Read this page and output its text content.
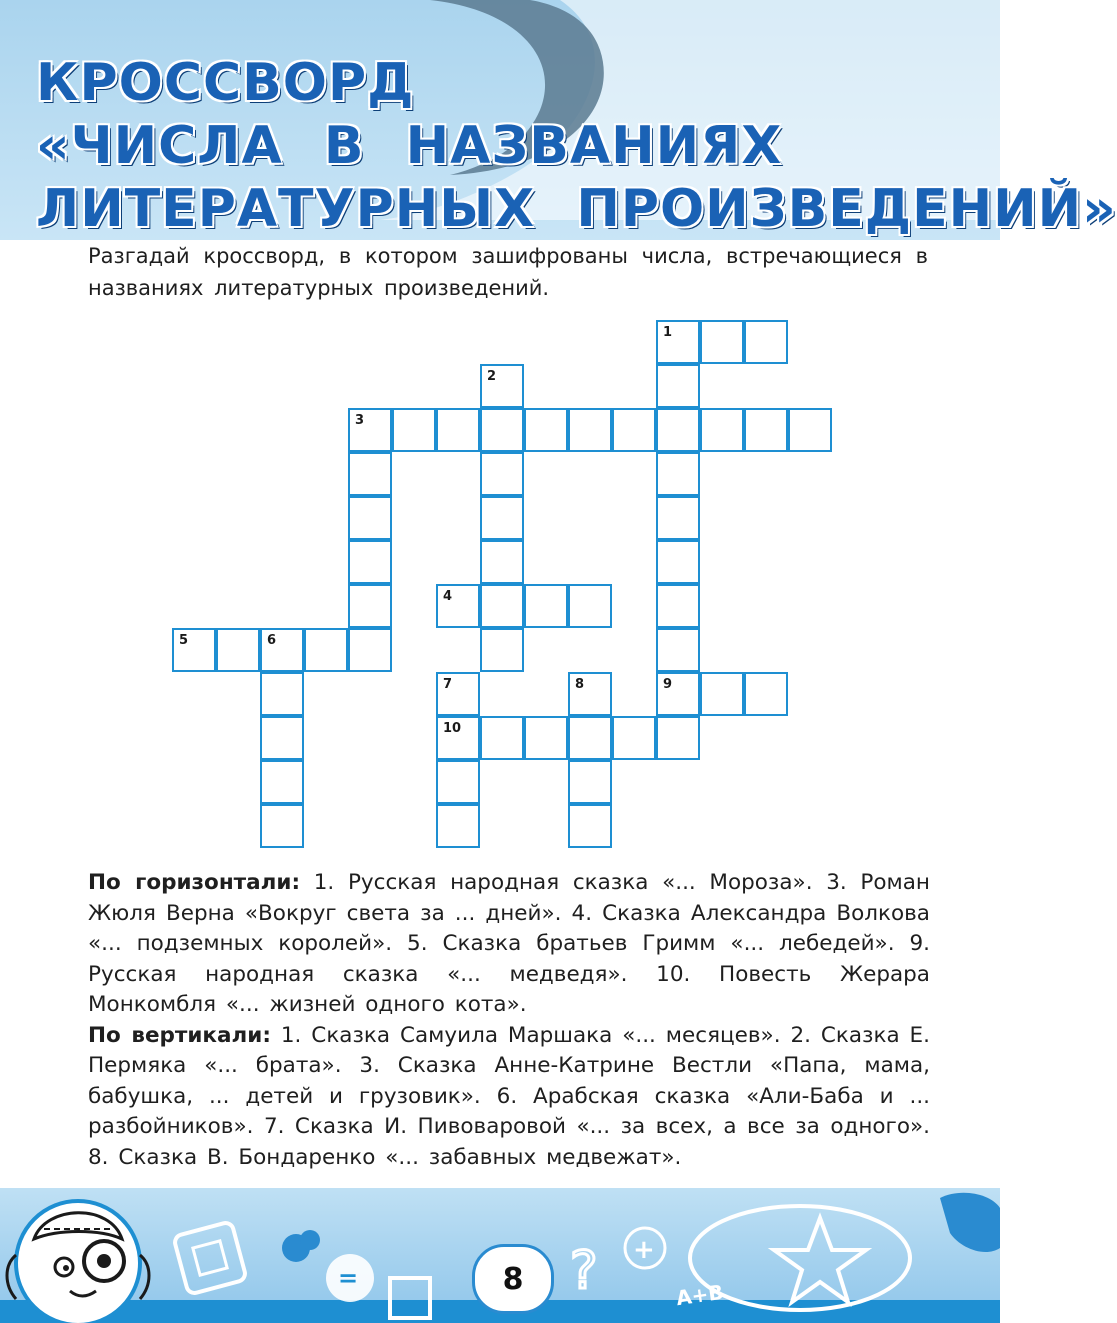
КРОССВОРД
«ЧИСЛА В НАЗВАНИЯХ
ЛИТЕРАТУРНЫХ ПРОИЗВЕДЕНИЙ»

Разгадай кроссворд, в котором зашифрованы числа, встречающиеся в названиях литературных произведений.

1
3
4
5	6
9
10
2
7	8

По горизонтали: 1. Русская народная сказка «... Мороза». 3. Роман Жюля Верна «Вокруг света за ... дней». 4. Сказка Александра Волкова «... подземных королей». 5. Сказка братьев Гримм «... лебедей». 9. Русская народная сказка «... медведя». 10. Повесть Жерара Монкомбля «... жизней одного кота».

По вертикали: 1. Сказка Самуила Маршака «... месяцев». 2. Сказка Е. Пермяка «... брата». 3. Сказка Анне-Катрине Вестли «Папа, мама, бабушка, ... детей и грузовик». 6. Арабская сказка «Али-Баба и ... разбойников». 7. Сказка И. Пивоваровой «... за всех, а все за одного». 8. Сказка В. Бондаренко «... забавных медвежат».

=	? +
A+B
8
